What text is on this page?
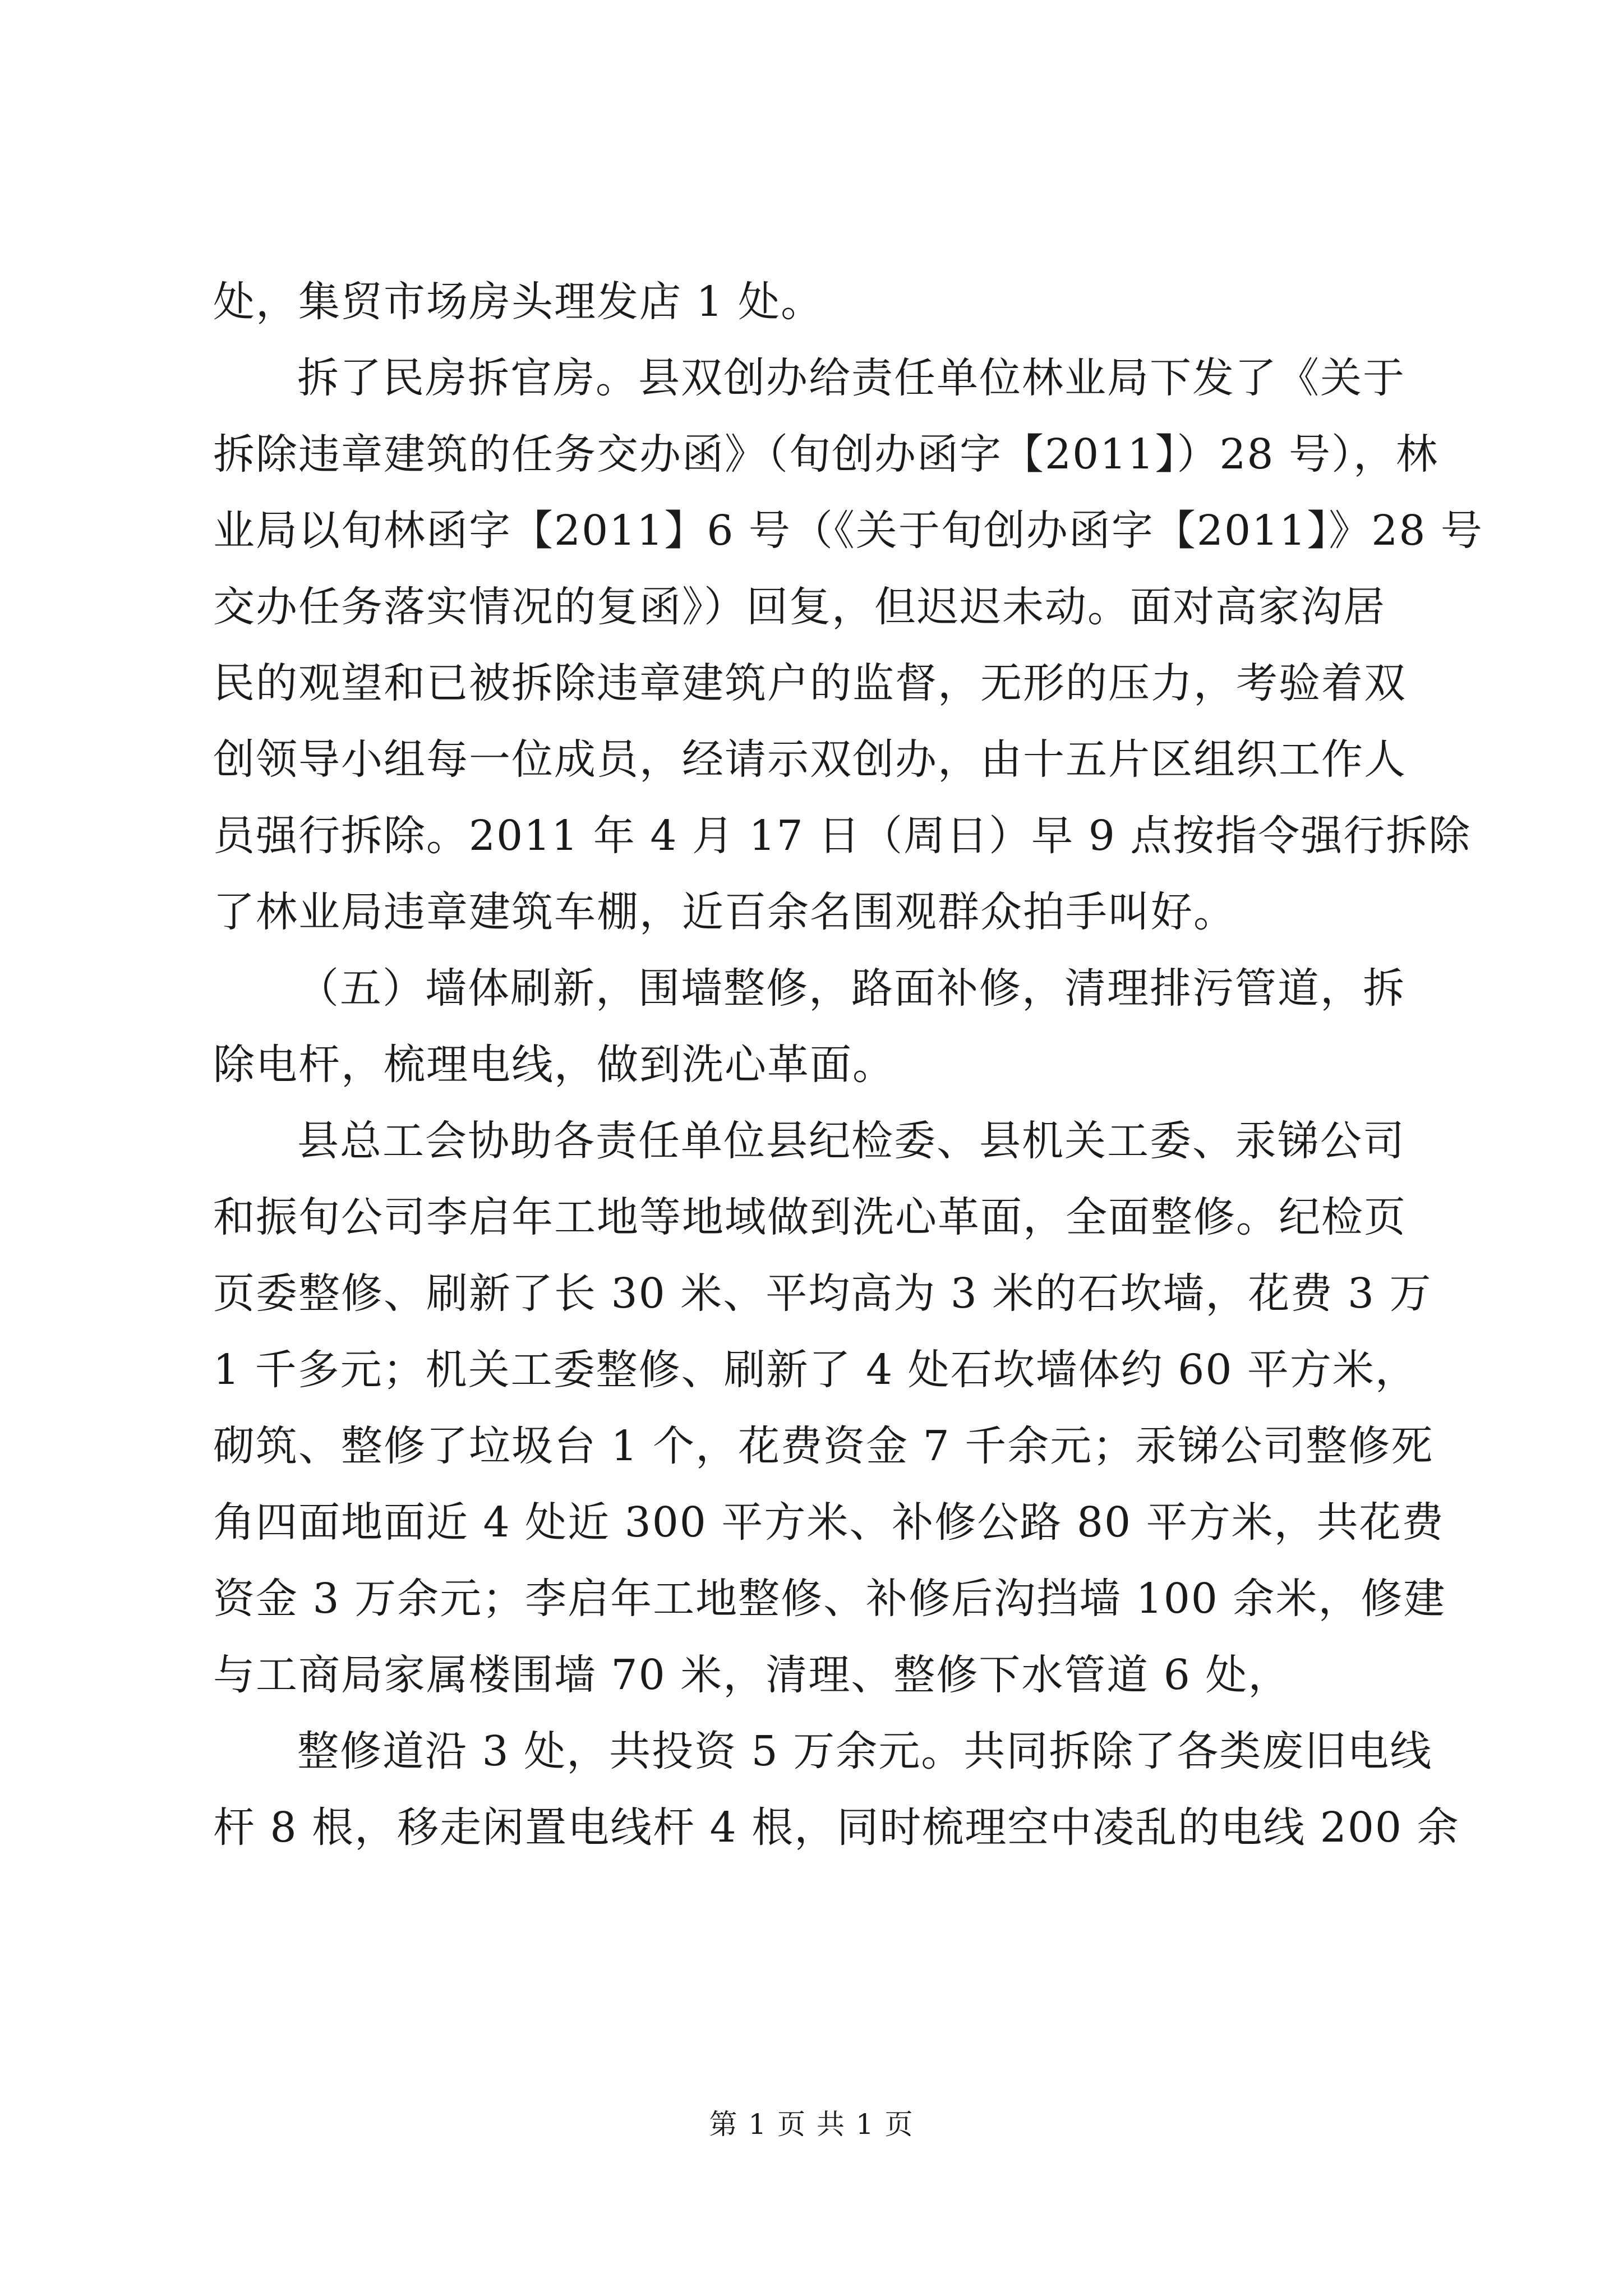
处，集贸市场房头理发店 1 处。
拆了民房拆官房。县双创办给责任单位林业局下发了《关于
拆除违章建筑的任务交办函》（旬创办函字【2011】）28 号），林
业局以旬林函字【2011】6 号（《关于旬创办函字【2011】》28 号
交办任务落实情况的复函》）回复，但迟迟未动。面对高家沟居
民的观望和已被拆除违章建筑户的监督，无形的压力，考验着双
创领导小组每一位成员，经请示双创办，由十五片区组织工作人
员强行拆除。2011 年 4 月 17 日（周日）早 9 点按指令强行拆除
了林业局违章建筑车棚，近百余名围观群众拍手叫好。
（五）墙体刷新，围墙整修，路面补修，清理排污管道，拆
除电杆，梳理电线，做到洗心革面。
县总工会协助各责任单位县纪检委、县机关工委、汞锑公司
和振旬公司李启年工地等地域做到洗心革面，全面整修。纪检页
页委整修、刷新了长 30 米、平均高为 3 米的石坎墙，花费 3 万
1 千多元；机关工委整修、刷新了 4 处石坎墙体约 60 平方米，
砌筑、整修了垃圾台 1 个，花费资金 7 千余元；汞锑公司整修死
角四面地面近 4 处近 300 平方米、补修公路 80 平方米，共花费
资金 3 万余元；李启年工地整修、补修后沟挡墙 100 余米，修建
与工商局家属楼围墙 70 米，清理、整修下水管道 6 处，
整修道沿 3 处，共投资 5 万余元。共同拆除了各类废旧电线
杆 8 根，移走闲置电线杆 4 根，同时梳理空中凌乱的电线 200 余
第 1 页 共 1 页
